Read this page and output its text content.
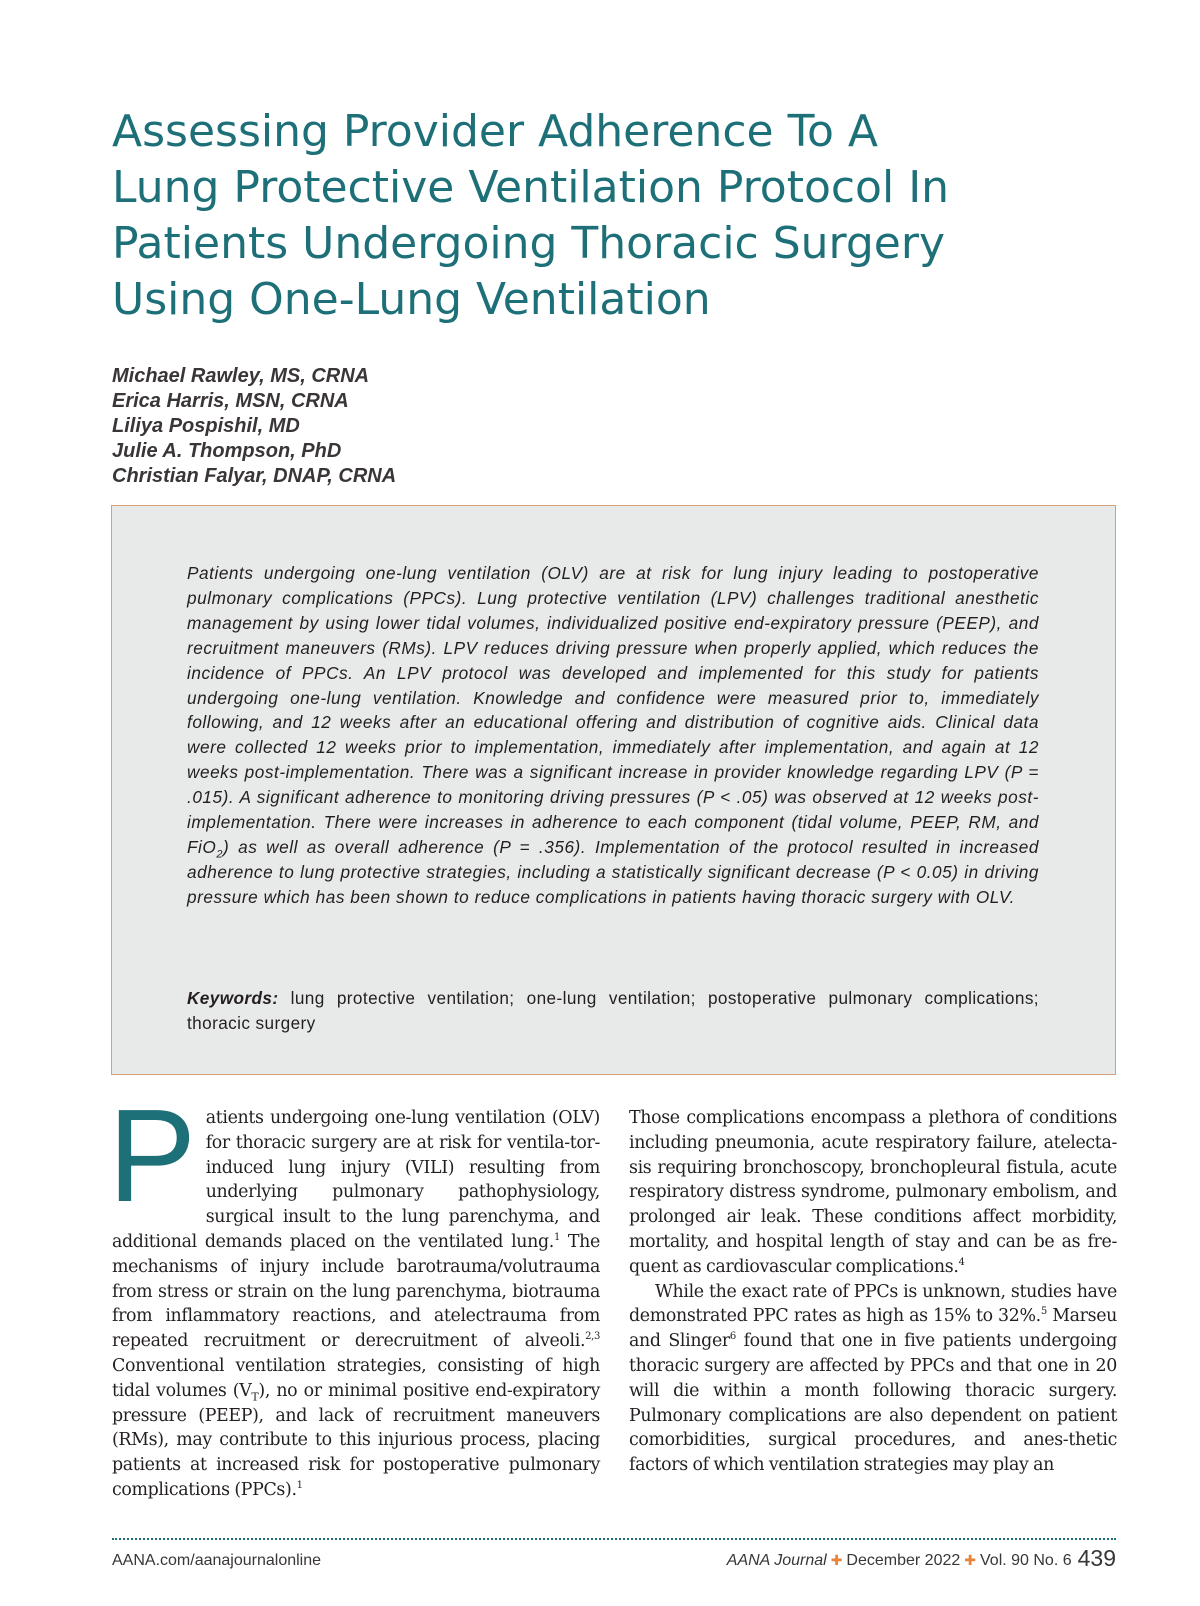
Assessing Provider Adherence To A
Lung Protective Ventilation Protocol In
Patients Undergoing Thoracic Surgery
Using One-Lung Ventilation
Michael Rawley, MS, CRNA
Erica Harris, MSN, CRNA
Liliya Pospishil, MD
Julie A. Thompson, PhD
Christian Falyar, DNAP, CRNA

Patients undergoing one-lung ventilation (OLV) are at risk for lung injury leading to postoperative pulmonary complications (PPCs). Lung protective ventilation (LPV) challenges traditional anesthetic management by using lower tidal volumes, individualized positive end-expiratory pressure (PEEP), and recruitment maneuvers (RMs). LPV reduces driving pressure when properly applied, which reduces the incidence of PPCs. An LPV protocol was developed and implemented for this study for patients undergoing one-lung ventilation. Knowledge and confidence were measured prior to, immediately following, and 12 weeks after an educational offering and distribution of cognitive aids. Clinical data were collected 12 weeks prior to implementation, immediately after implementation, and again at 12 weeks post-implementation. There was a significant increase in provider knowledge regarding LPV (P = .015). A significant adherence to monitoring driving pressures (P < .05) was observed at 12 weeks post-implementation. There were increases in adherence to each component (tidal volume, PEEP, RM, and FiO$_2$) as well as overall adherence (P = .356). Implementation of the protocol resulted in increased adherence to lung protective strategies, including a statistically significant decrease (P < 0.05) in driving pressure which has been shown to reduce complications in patients having thoracic surgery with OLV.

Keywords: lung protective ventilation; one-lung ventilation; postoperative pulmonary complications; thoracic surgery

Patients undergoing one-lung ventilation (OLV) for thoracic surgery are at risk for ventila-tor-induced lung injury (VILI) resulting from underlying pulmonary pathophysiology, surgical insult to the lung parenchyma, and additional demands placed on the ventilated lung.$^1$ The mechanisms of injury include barotrauma/volutrauma from stress or strain on the lung parenchyma, biotrauma from inflammatory reactions, and atelectrauma from repeated recruitment or derecruitment of alveoli.$^{2,3}$ Conventional ventilation strategies, consisting of high tidal volumes $(V_T)$, no or minimal positive end-expiratory pressure (PEEP), and lack of recruitment maneuvers (RMs), may contribute to this injurious process, placing patients at increased risk for postoperative pulmonary complications (PPCs).$^1$

Those complications encompass a plethora of conditions including pneumonia, acute respiratory failure, atelecta-sis requiring bronchoscopy, bronchopleural fistula, acute respiratory distress syndrome, pulmonary embolism, and prolonged air leak. These conditions affect morbidity, mortality, and hospital length of stay and can be as fre-quent as cardiovascular complications.$^4$

While the exact rate of PPCs is unknown, studies have demonstrated PPC rates as high as 15% to 32%.$^5$ Marseu and Slinger$^6$ found that one in five patients undergoing thoracic surgery are affected by PPCs and that one in 20 will die within a month following thoracic surgery. Pulmonary complications are also dependent on patient comorbidities, surgical procedures, and anes-thetic factors of which ventilation strategies may play an

AANA.com/aanajournalonline	AANA Journal ✚ December 2022 ✚ Vol. 90 No. 6 439
